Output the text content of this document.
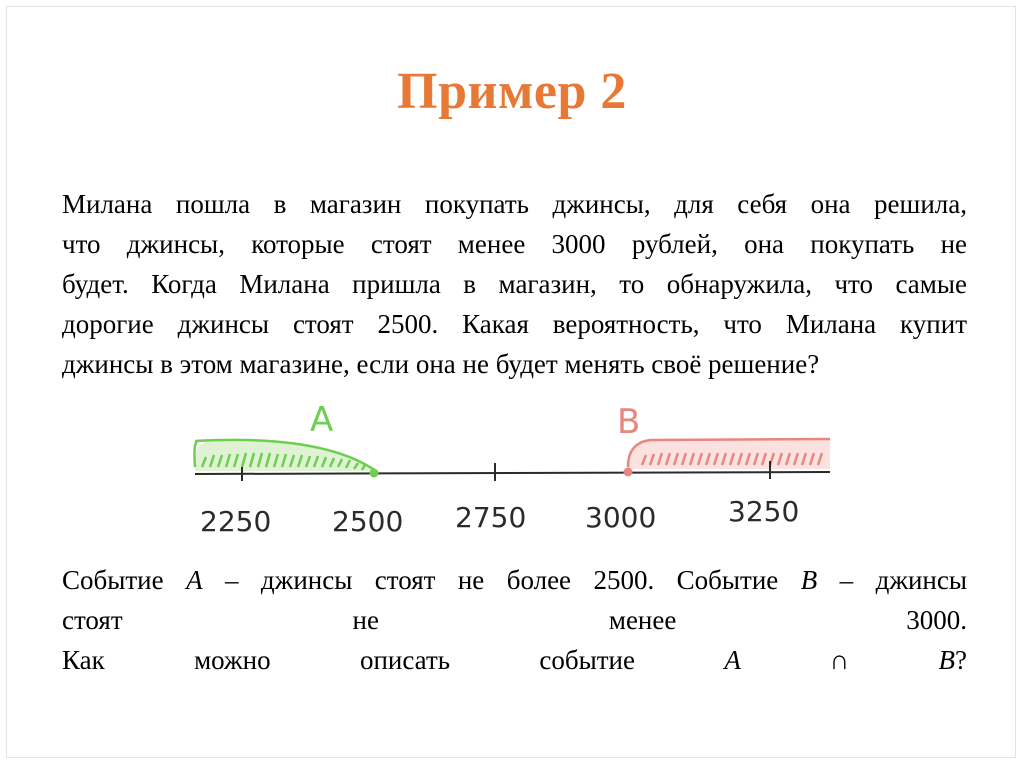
Пример 2
Милана пошла в магазин покупать джинсы, для себя она решила,
что джинсы, которые стоят менее 3000 рублей, она покупать не
будет. Когда Милана пришла в магазин, то обнаружила, что самые
дорогие джинсы стоят 2500. Какая вероятность, что Милана купит
джинсы в этом магазине, если она не будет менять своё решение?
A	B
2250 2500 2750 3000	3250
Событие A – джинсы стоят не более 2500. Событие B – джинсы
стоят не менее 3000.
Как можно описать событие A ∩ B?
